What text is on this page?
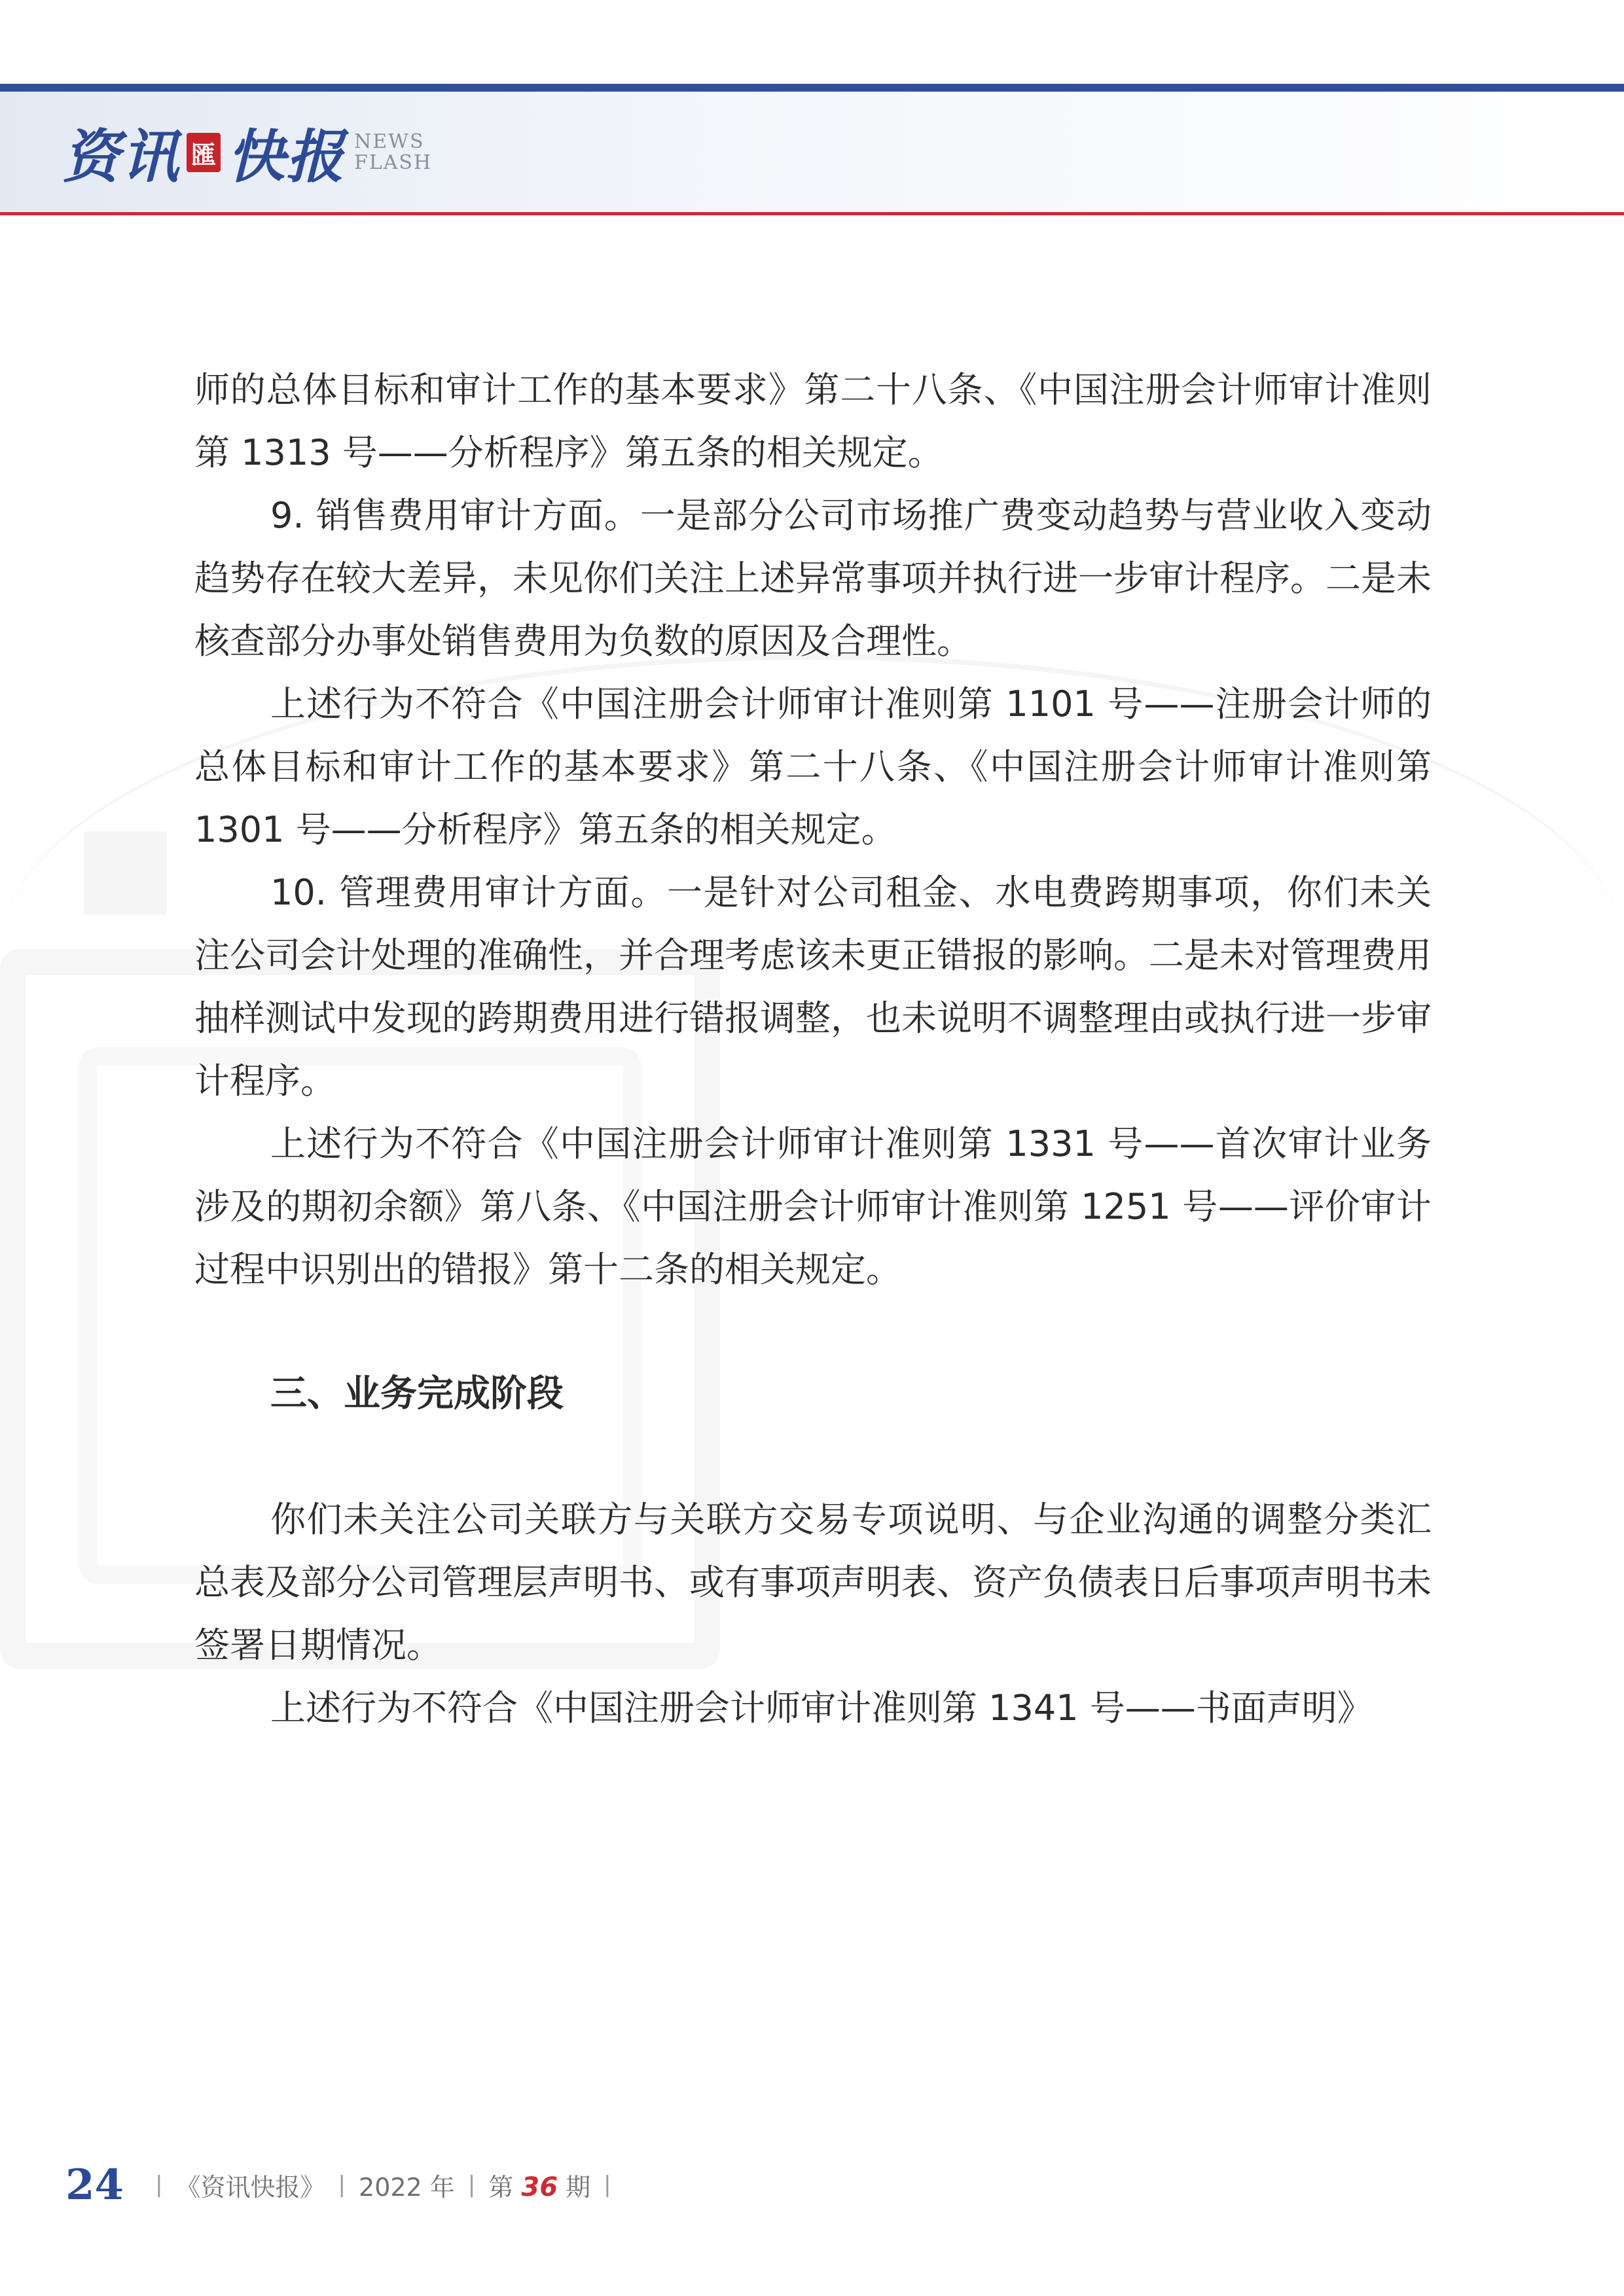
资讯 匯 快报 NEWS
FLASH

师的总体目标和审计工作的基本要求》第二十八条、《中国注册会计师审计准则第 1313 号——分析程序》第五条的相关规定。

9. 销售费用审计方面。一是部分公司市场推广费变动趋势与营业收入变动趋势存在较大差异，未见你们关注上述异常事项并执行进一步审计程序。二是未核查部分办事处销售费用为负数的原因及合理性。

上述行为不符合《中国注册会计师审计准则第 1101 号——注册会计师的总体目标和审计工作的基本要求》第二十八条、《中国注册会计师审计准则第 1301 号——分析程序》第五条的相关规定。

10. 管理费用审计方面。一是针对公司租金、水电费跨期事项，你们未关注公司会计处理的准确性，并合理考虑该未更正错报的影响。二是未对管理费用抽样测试中发现的跨期费用进行错报调整，也未说明不调整理由或执行进一步审计程序。

上述行为不符合《中国注册会计师审计准则第 1331 号——首次审计业务涉及的期初余额》第八条、《中国注册会计师审计准则第 1251 号——评价审计过程中识别出的错报》第十二条的相关规定。

三、业务完成阶段

你们未关注公司关联方与关联方交易专项说明、与企业沟通的调整分类汇总表及部分公司管理层声明书、或有事项声明表、资产负债表日后事项声明书未签署日期情况。

上述行为不符合《中国注册会计师审计准则第 1341 号——书面声明》

24 | 《资讯快报》 | 2022 年 | 第 36 期 |
